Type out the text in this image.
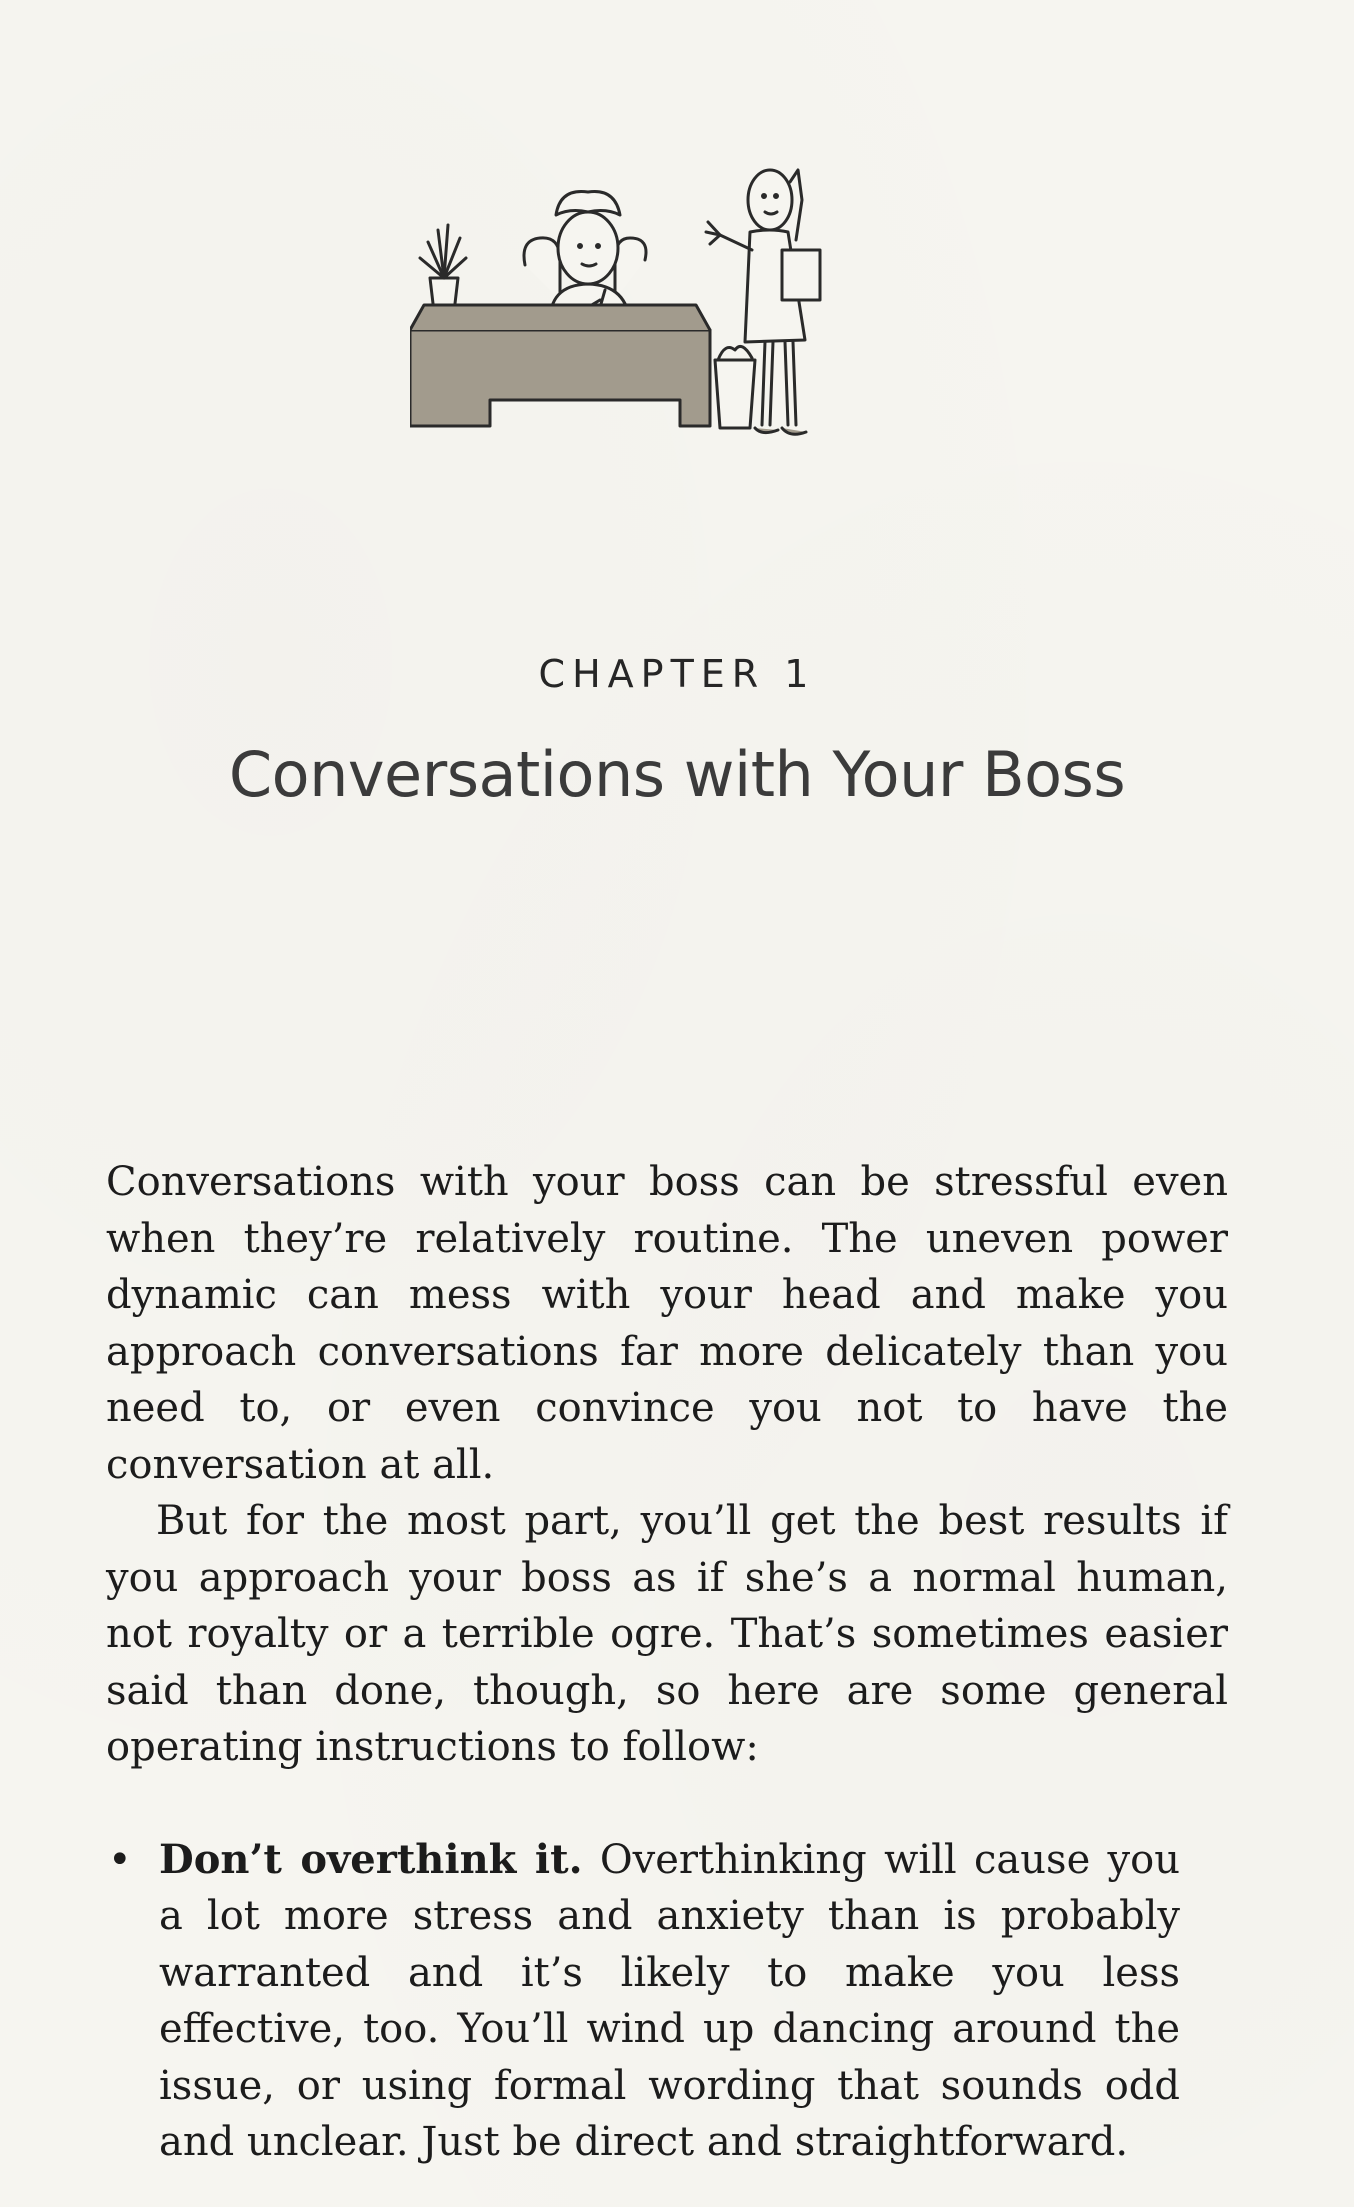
CHAPTER 1
Conversations with Your Boss

Conversations with your boss can be stressful even when they’re relatively routine. The uneven power dynamic can mess with your head and make you approach conversations far more delicately than you need to, or even convince you not to have the conversation at all.

But for the most part, you’ll get the best results if you approach your boss as if she’s a normal human, not royalty or a terrible ogre. That’s sometimes easier said than done, though, so here are some general operating instructions to follow:

• Don’t overthink it. Overthinking will cause you a lot more stress and anxiety than is probably warranted and it’s likely to make you less effective, too. You’ll wind up dancing around the issue, or using formal wording that sounds odd and unclear. Just be direct and straightforward.
